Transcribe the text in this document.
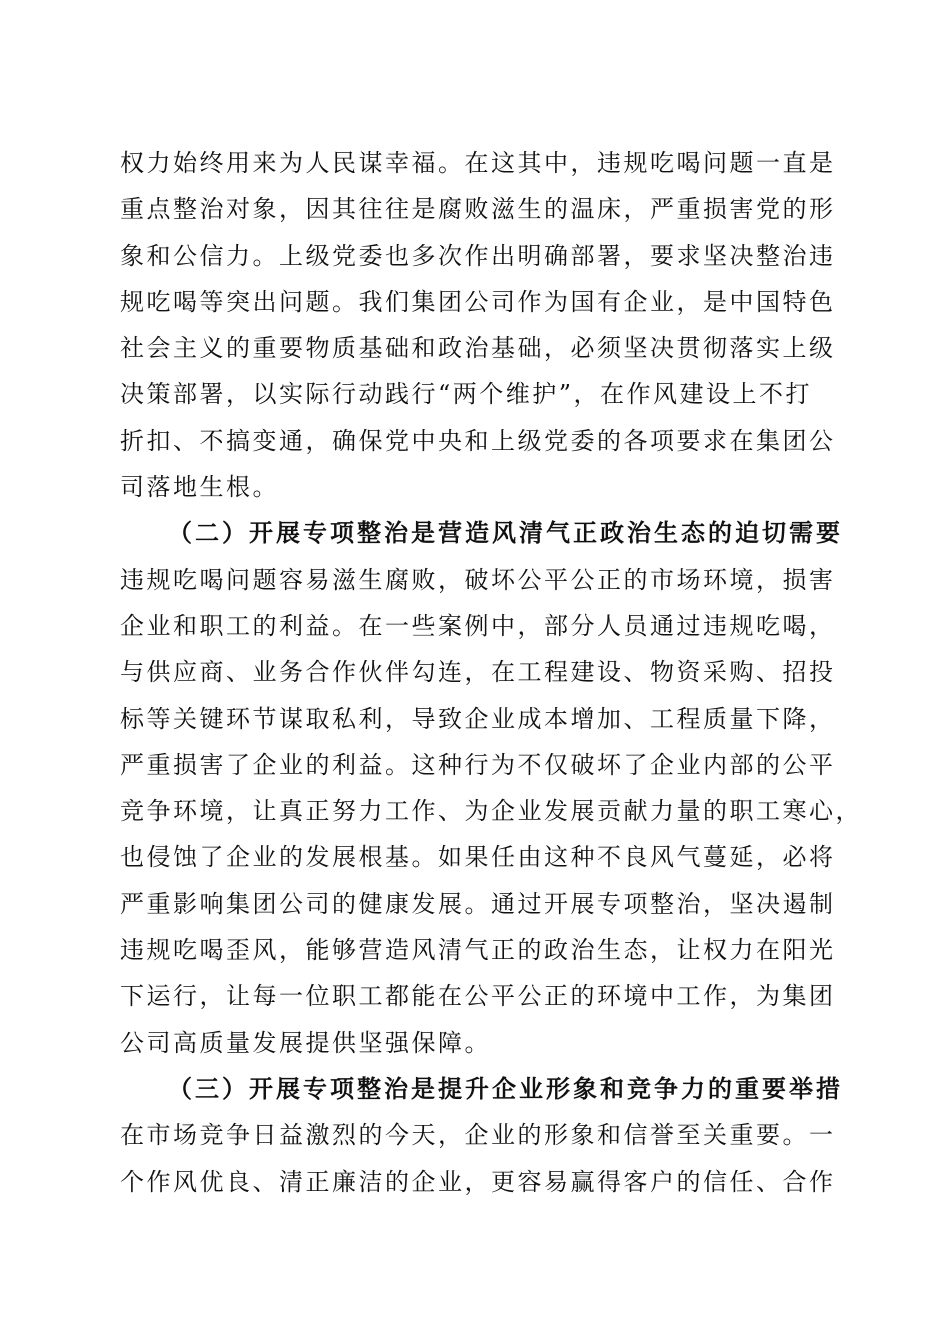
权力始终用来为人民谋幸福。在这其中，违规吃喝问题一直是
重点整治对象，因其往往是腐败滋生的温床，严重损害党的形
象和公信力。上级党委也多次作出明确部署，要求坚决整治违
规吃喝等突出问题。我们集团公司作为国有企业，是中国特色
社会主义的重要物质基础和政治基础，必须坚决贯彻落实上级
决策部署，以实际行动践行“两个维护”，在作风建设上不打
折扣、不搞变通，确保党中央和上级党委的各项要求在集团公
司落地生根。
（二）开展专项整治是营造风清气正政治生态的迫切需要
违规吃喝问题容易滋生腐败，破坏公平公正的市场环境，损害
企业和职工的利益。在一些案例中，部分人员通过违规吃喝，
与供应商、业务合作伙伴勾连，在工程建设、物资采购、招投
标等关键环节谋取私利，导致企业成本增加、工程质量下降，
严重损害了企业的利益。这种行为不仅破坏了企业内部的公平
竞争环境，让真正努力工作、为企业发展贡献力量的职工寒心，
也侵蚀了企业的发展根基。如果任由这种不良风气蔓延，必将
严重影响集团公司的健康发展。通过开展专项整治，坚决遏制
违规吃喝歪风，能够营造风清气正的政治生态，让权力在阳光
下运行，让每一位职工都能在公平公正的环境中工作，为集团
公司高质量发展提供坚强保障。
（三）开展专项整治是提升企业形象和竞争力的重要举措
在市场竞争日益激烈的今天，企业的形象和信誉至关重要。一
个作风优良、清正廉洁的企业，更容易赢得客户的信任、合作
